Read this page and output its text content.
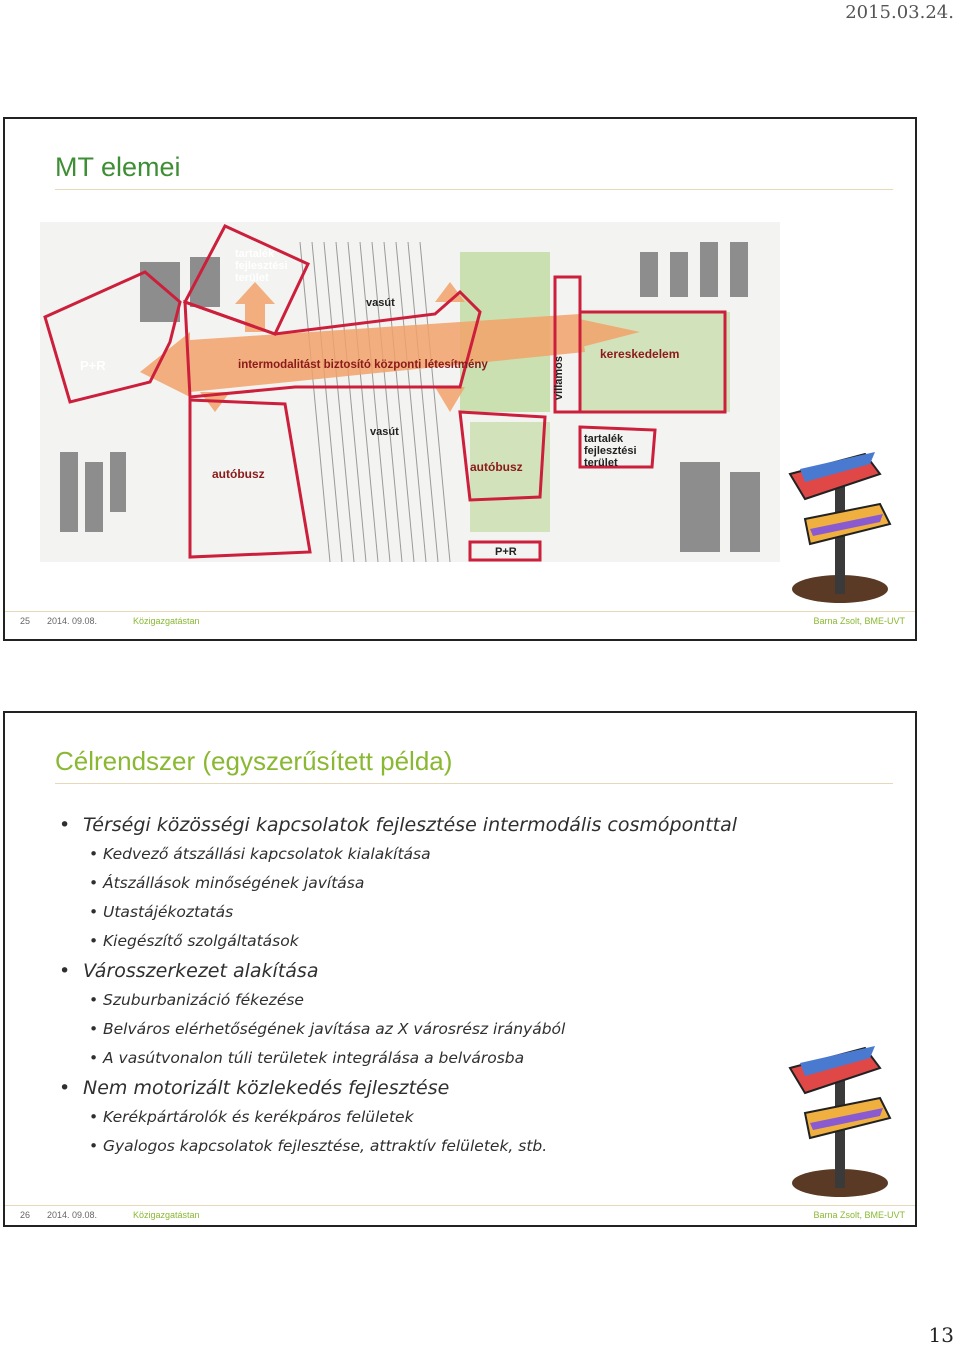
2015.03.24.
MT elemei
tartalék
fejlesztési
terület
P+R
vasút
intermodalitást biztosító központi létesítmény	villamos
kereskedelem
vasút
autóbusz	autóbusz
tartalék
fejlesztési
terület
P+R
25 2014. 09.08.	Közigazgatástan	Barna Zsolt, BME-UVT
Célrendszer (egyszerűsített példa)
• Térségi közösségi kapcsolatok fejlesztése intermodális cosmóponttal
• Kedvező átszállási kapcsolatok kialakítása
• Átszállások minőségének javítása
• Utastájékoztatás
• Kiegészítő szolgáltatások
• Városszerkezet alakítása
• Szuburbanizáció fékezése
• Belváros elérhetőségének javítása az X városrész irányából
• A vasútvonalon túli területek integrálása a belvárosba
• Nem motorizált közlekedés fejlesztése
• Kerékpártárolók és kerékpáros felületek
• Gyalogos kapcsolatok fejlesztése, attraktív felületek, stb.
26 2014. 09.08.	Közigazgatástan	Barna Zsolt, BME-UVT
13
